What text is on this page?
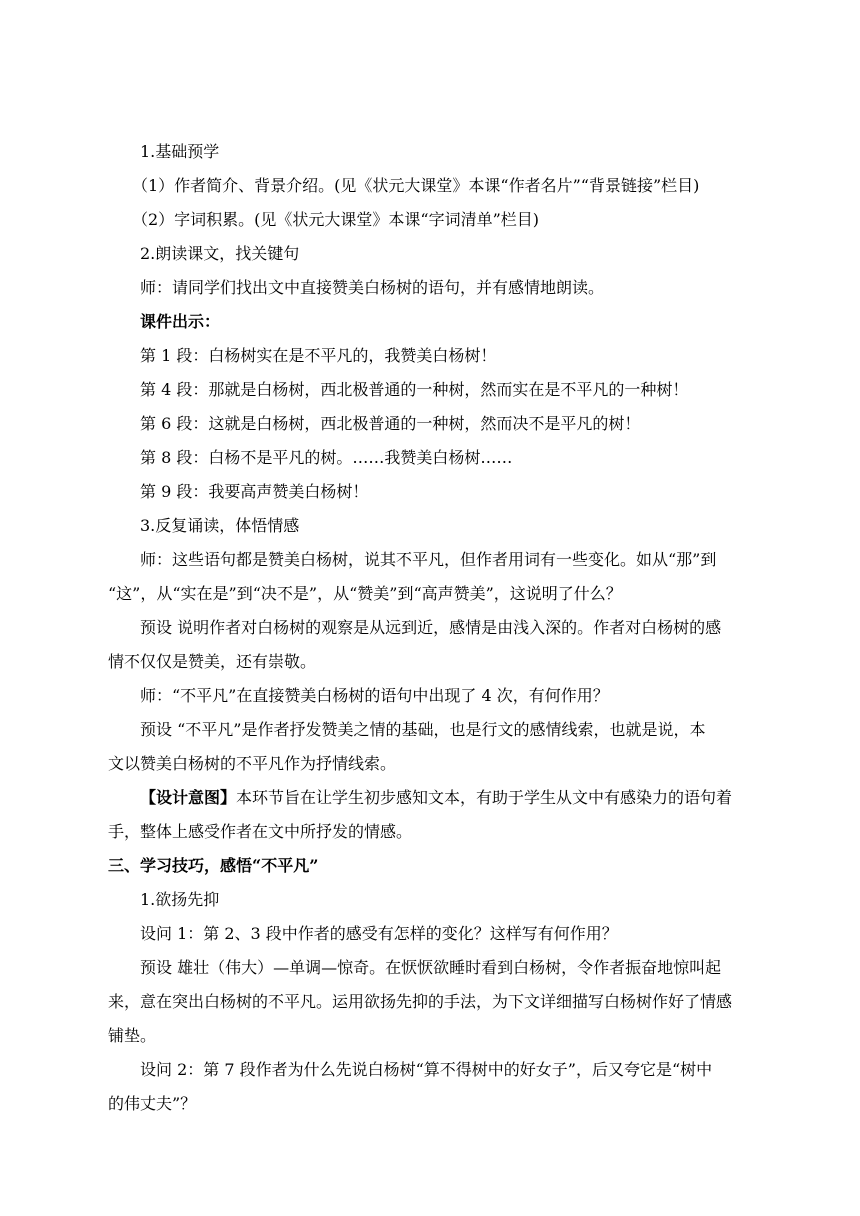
1.基础预学

（1）作者简介、背景介绍。(见《状元大课堂》本课“作者名片”“背景链接”栏目)

（2）字词积累。(见《状元大课堂》本课“字词清单”栏目)

2.朗读课文，找关键句

师：请同学们找出文中直接赞美白杨树的语句，并有感情地朗读。

课件出示：

第 1 段：白杨树实在是不平凡的，我赞美白杨树！

第 4 段：那就是白杨树，西北极普通的一种树，然而实在是不平凡的一种树！

第 6 段：这就是白杨树，西北极普通的一种树，然而决不是平凡的树！

第 8 段：白杨不是平凡的树。……我赞美白杨树……

第 9 段：我要高声赞美白杨树！

3.反复诵读，体悟情感

师：这些语句都是赞美白杨树，说其不平凡，但作者用词有一些变化。如从“那”到

“这”，从“实在是”到“决不是”，从“赞美”到“高声赞美”，这说明了什么？

预设 说明作者对白杨树的观察是从远到近，感情是由浅入深的。作者对白杨树的感

情不仅仅是赞美，还有崇敬。

师：“不平凡”在直接赞美白杨树的语句中出现了 4 次，有何作用？

预设 “不平凡”是作者抒发赞美之情的基础，也是行文的感情线索，也就是说，本

文以赞美白杨树的不平凡作为抒情线索。

【设计意图】本环节旨在让学生初步感知文本，有助于学生从文中有感染力的语句着

手，整体上感受作者在文中所抒发的情感。

三、学习技巧，感悟“不平凡”

1.欲扬先抑

设问 1：第 2、3 段中作者的感受有怎样的变化？这样写有何作用？

预设 雄壮（伟大）—单调—惊奇。在恹恹欲睡时看到白杨树，令作者振奋地惊叫起

来，意在突出白杨树的不平凡。运用欲扬先抑的手法，为下文详细描写白杨树作好了情感

铺垫。

设问 2：第 7 段作者为什么先说白杨树“算不得树中的好女子”，后又夸它是“树中

的伟丈夫”？
